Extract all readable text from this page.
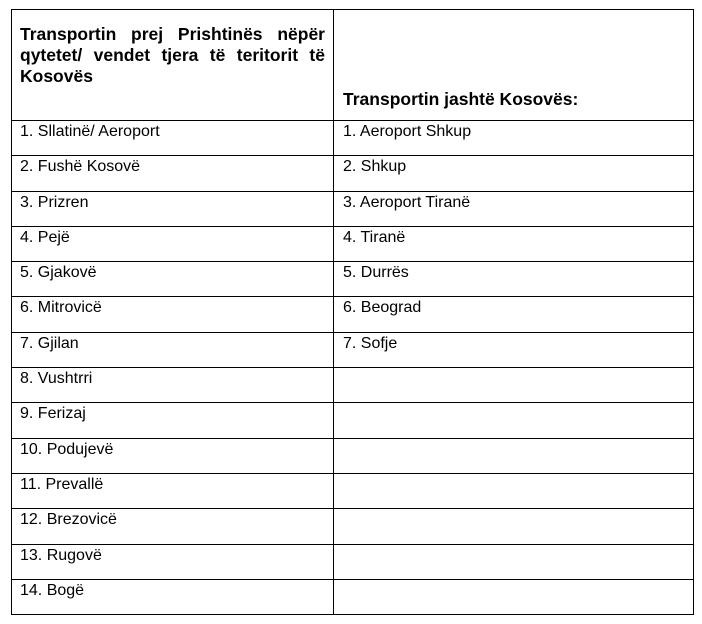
Transportin prej Prishtinës nëpër qytetet/ vendet tjera të teritorit të Kosovës	Transportin jashtë Kosovës:

1. Sllatinë/ Aeroport	1. Aeroport Shkup

2. Fushë Kosovë	2. Shkup

3. Prizren	3. Aeroport Tiranë

4. Pejë	4. Tiranë

5. Gjakovë	5. Durrës

6. Mitrovicë	6. Beograd

7. Gjilan	7. Sofje

8. Vushtrri	

9. Ferizaj	

10. Podujevë	

11. Prevallë	

12. Brezovicë	

13. Rugovë	

14. Bogë	
